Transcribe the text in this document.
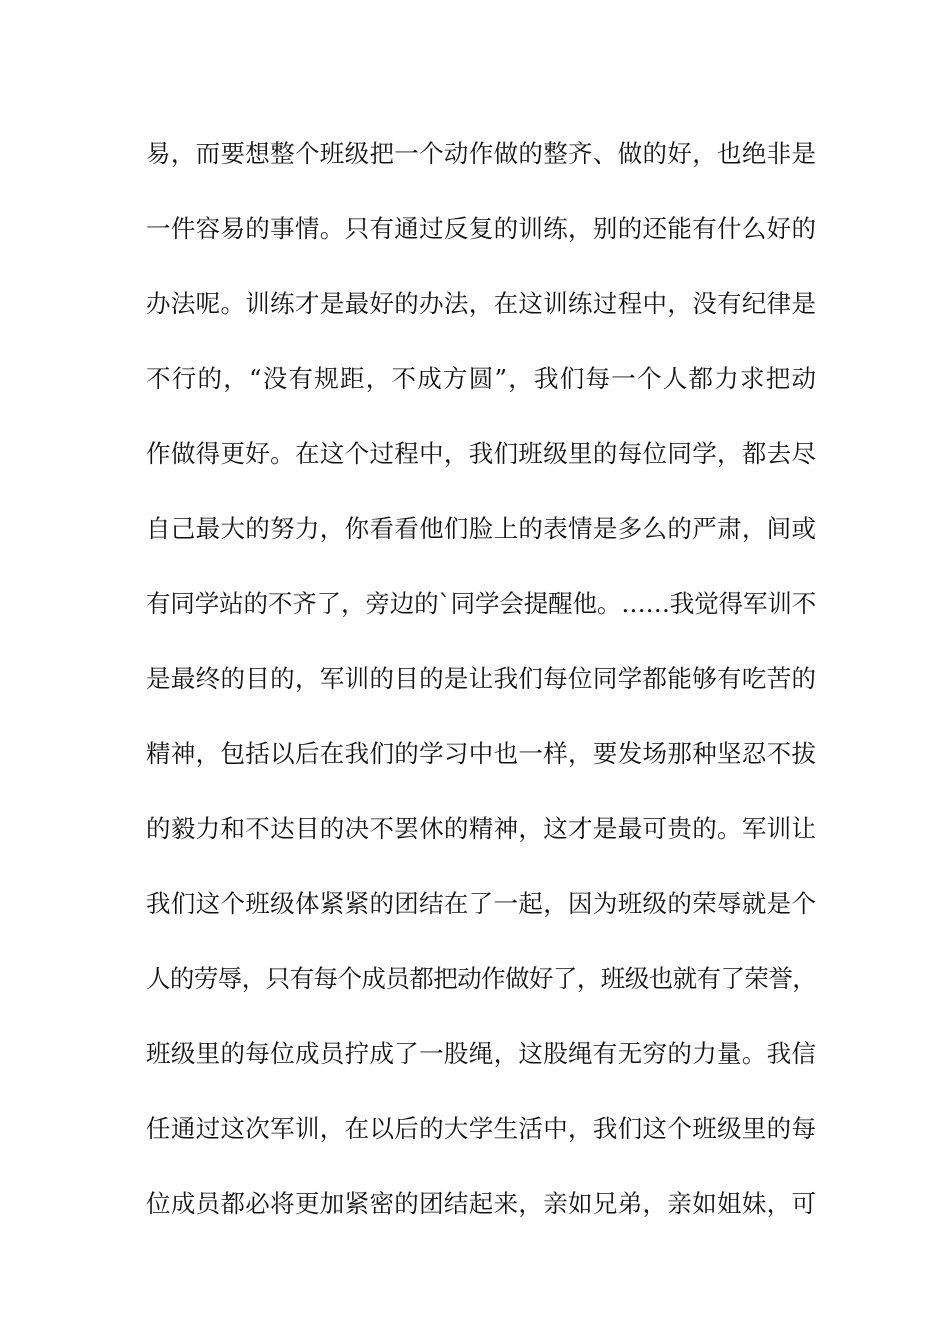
易，而要想整个班级把一个动作做的整齐、做的好，也绝非是
一件容易的事情。只有通过反复的训练，别的还能有什么好的
办法呢。训练才是最好的办法，在这训练过程中，没有纪律是
不行的，“没有规距，不成方圆”，我们每一个人都力求把动
作做得更好。在这个过程中，我们班级里的每位同学，都去尽
自己最大的努力，你看看他们脸上的表情是多么的严肃，间或
有同学站的不齐了，旁边的`同学会提醒他。……我觉得军训不
是最终的目的，军训的目的是让我们每位同学都能够有吃苦的
精神，包括以后在我们的学习中也一样，要发场那种坚忍不拔
的毅力和不达目的决不罢休的精神，这才是最可贵的。军训让
我们这个班级体紧紧的团结在了一起，因为班级的荣辱就是个
人的劳辱，只有每个成员都把动作做好了，班级也就有了荣誉，
班级里的每位成员拧成了一股绳，这股绳有无穷的力量。我信
任通过这次军训，在以后的大学生活中，我们这个班级里的每
位成员都必将更加紧密的团结起来，亲如兄弟，亲如姐妹，可
